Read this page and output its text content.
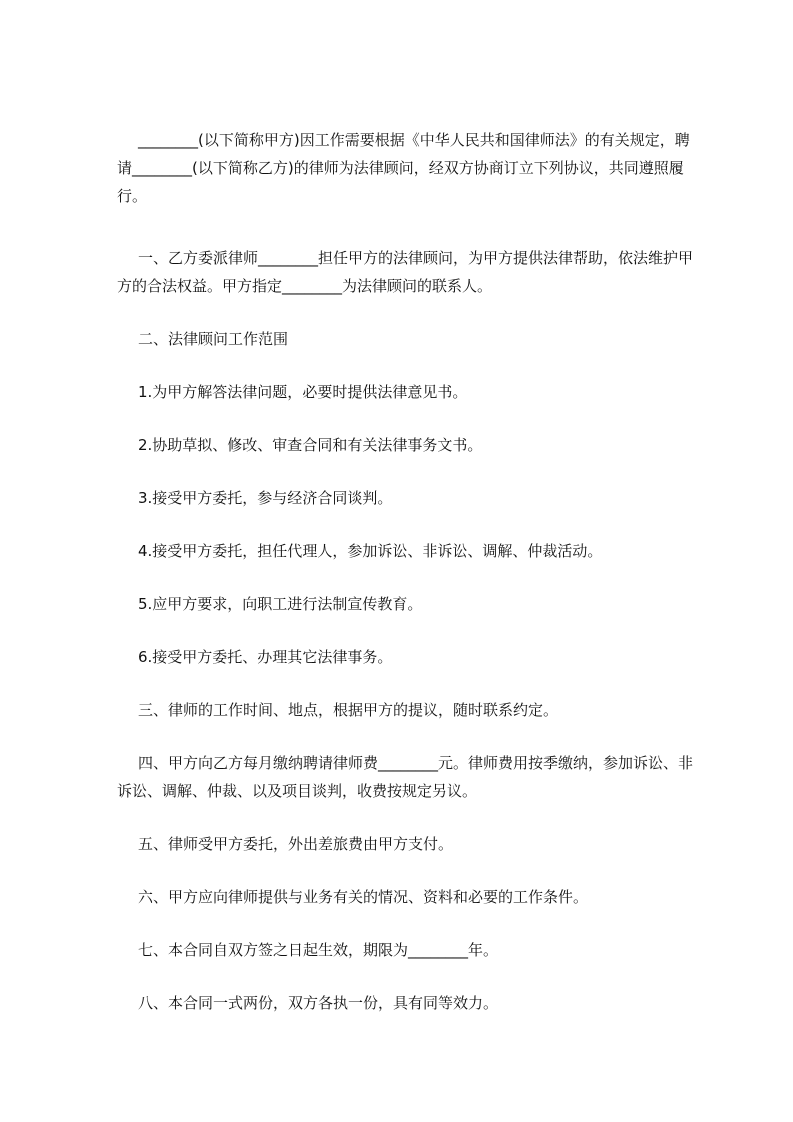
________(以下简称甲方)因工作需要根据《中华人民共和国律师法》的有关规定，聘请________(以下简称乙方)的律师为法律顾问，经双方协商订立下列协议，共同遵照履行。

一、乙方委派律师________担任甲方的法律顾问，为甲方提供法律帮助，依法维护甲方的合法权益。甲方指定________为法律顾问的联系人。

二、法律顾问工作范围

1.为甲方解答法律问题，必要时提供法律意见书。

2.协助草拟、修改、审查合同和有关法律事务文书。

3.接受甲方委托，参与经济合同谈判。

4.接受甲方委托，担任代理人，参加诉讼、非诉讼、调解、仲裁活动。

5.应甲方要求，向职工进行法制宣传教育。

6.接受甲方委托、办理其它法律事务。

三、律师的工作时间、地点，根据甲方的提议，随时联系约定。

四、甲方向乙方每月缴纳聘请律师费________元。律师费用按季缴纳，参加诉讼、非诉讼、调解、仲裁、以及项目谈判，收费按规定另议。

五、律师受甲方委托，外出差旅费由甲方支付。

六、甲方应向律师提供与业务有关的情况、资料和必要的工作条件。

七、本合同自双方签之日起生效，期限为________年。

八、本合同一式两份，双方各执一份，具有同等效力。
